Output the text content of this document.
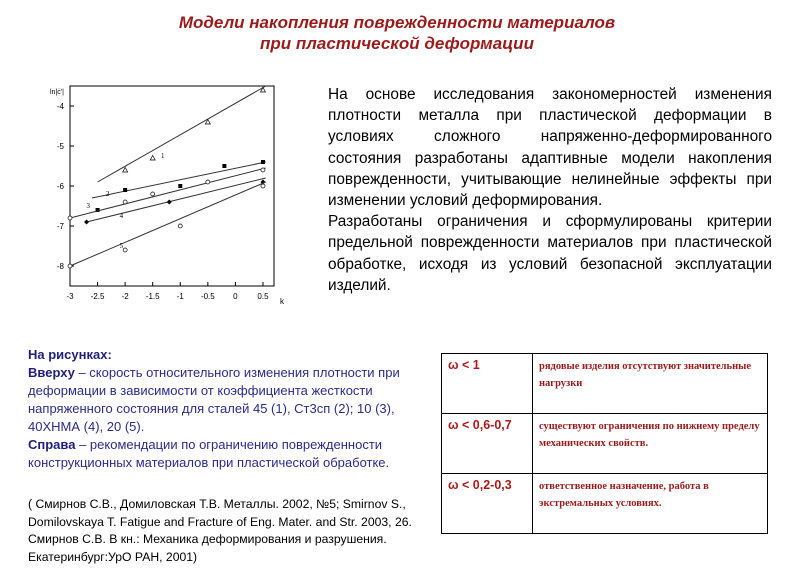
Модели накопления поврежденности материалов
при пластической деформации
-3 -2.5 -2 -1.5 -1 -0.5 0 0.5
-4
-5
-6
-7
-8
ln|ċ'|
k
1
2
3
4
5

На основе исследования закономерностей изменения плотности металла при пластической деформации в условиях сложного напряженно-деформированного состояния разработаны адаптивные модели накопления поврежденности, учитывающие нелинейные эффекты при изменении условий деформирования.

Разработаны ограничения и сформулированы критерии предельной поврежденности материалов при пластической обработке, исходя из условий безопасной эксплуатации изделий.

На рисунках:
Вверху – скорость относительного изменения плотности при деформации в зависимости от коэффициента жесткости напряженного состояния для сталей 45 (1), Ст3сп (2); 10 (3), 40ХНМА (4), 20 (5).
Справа – рекомендации по ограничению поврежденности конструкционных материалов при пластической обработке.
( Смирнов С.В., Домиловская Т.В. Металлы. 2002, №5; Smirnov S., Domilovskaya T. Fatigue and Fracture of Eng. Mater. and Str. 2003, 26. Смирнов С.В. В кн.: Механика деформирования и разрушения. Екатеринбург:УрО РАН, 2001)
ω < 1	рядовые изделия отсутствуют значительные нагрузки
ω < 0,6-0,7	существуют ограничения по нижнему пределу механических свойств.
ω < 0,2-0,3	ответственное назначение, работа в экстремальных условиях.
